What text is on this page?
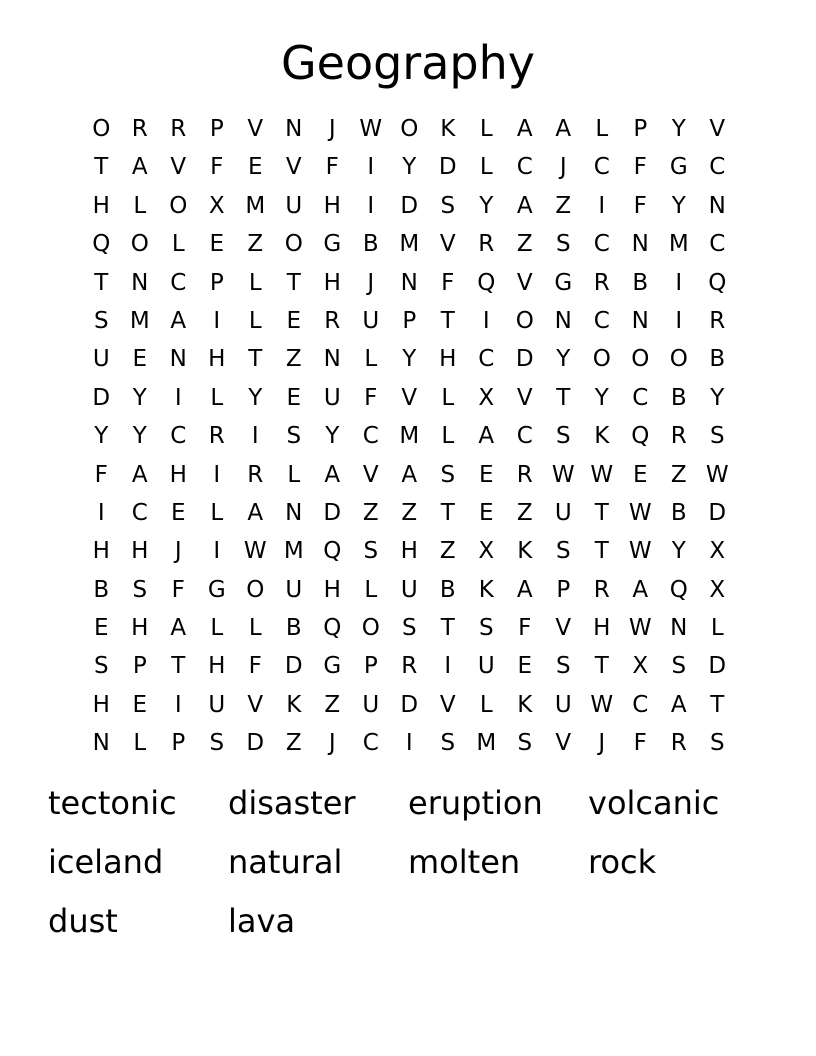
Geography
O R R	P	V N	J	W O K	L	A A	L	P	Y	V
T	A V	F	E	V	F	I	Y D	L	C	J	C	F G C
H	L	O X M U H	I	D S	Y	A Z	I	F	Y N
Q O	L	E	Z O G B M V R Z	S	C N M C
T N C	P	L	T H	J	N	F Q V G R B	I	Q
S M A	I	L	E	R U	P	T	I	O N C N	I	R
U E N H T	Z N	L	Y H C D Y O O O B
D Y	I	L	Y	E U	F	V	L	X V	T	Y	C B	Y
Y	Y	C R	I	S	Y	C M L	A C	S	K Q R	S
F	A H	I	R	L	A V A	S	E	R W W E	Z W
I	C	E	L	A N D Z Z	T	E	Z U	T W B D
H H	J	I	W M Q S H Z X	K	S	T W Y	X
B	S	F G O U H	L	U B	K	A	P	R A Q X
E H A	L	L	B Q O S	T	S	F	V H W N	L
S	P	T H	F	D G P	R	I	U E	S	T	X	S D
H E	I	U V	K	Z U D V	L	K U W C A	T
N	L	P	S D Z	J	C	I	S M S	V	J	F	R	S
tectonic	disaster	eruption	volcanic
iceland	natural	molten	rock
dust	lava
